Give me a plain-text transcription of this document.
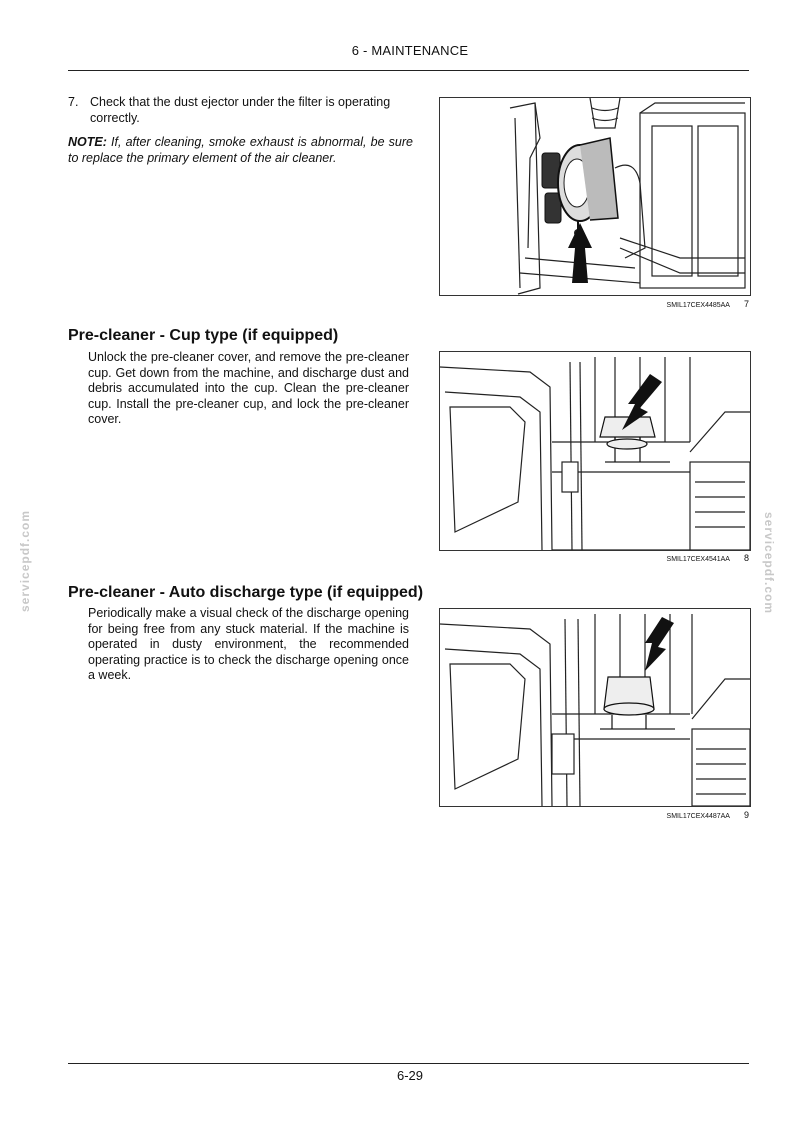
6 - MAINTENANCE
7. Check that the dust ejector under the filter is operating correctly.
NOTE: If, after cleaning, smoke exhaust is abnormal, be sure to replace the primary element of the air cleaner.
SMIL17CEX4485AA 7
Pre-cleaner - Cup type (if equipped)
Unlock the pre-cleaner cover, and remove the pre-cleaner cup. Get down from the machine, and discharge dust and debris accumulated into the cup. Clean the pre-cleaner cup. Install the pre-cleaner cup, and lock the pre-cleaner cover.
SMIL17CEX4541AA 8
Pre-cleaner - Auto discharge type (if equipped)
Periodically make a visual check of the discharge opening for being free from any stuck material. If the machine is operated in dusty environment, the recommended operating practice is to check the discharge opening once a week.
SMIL17CEX4487AA 9
servicepdf.com	servicepdf.com
6-29
